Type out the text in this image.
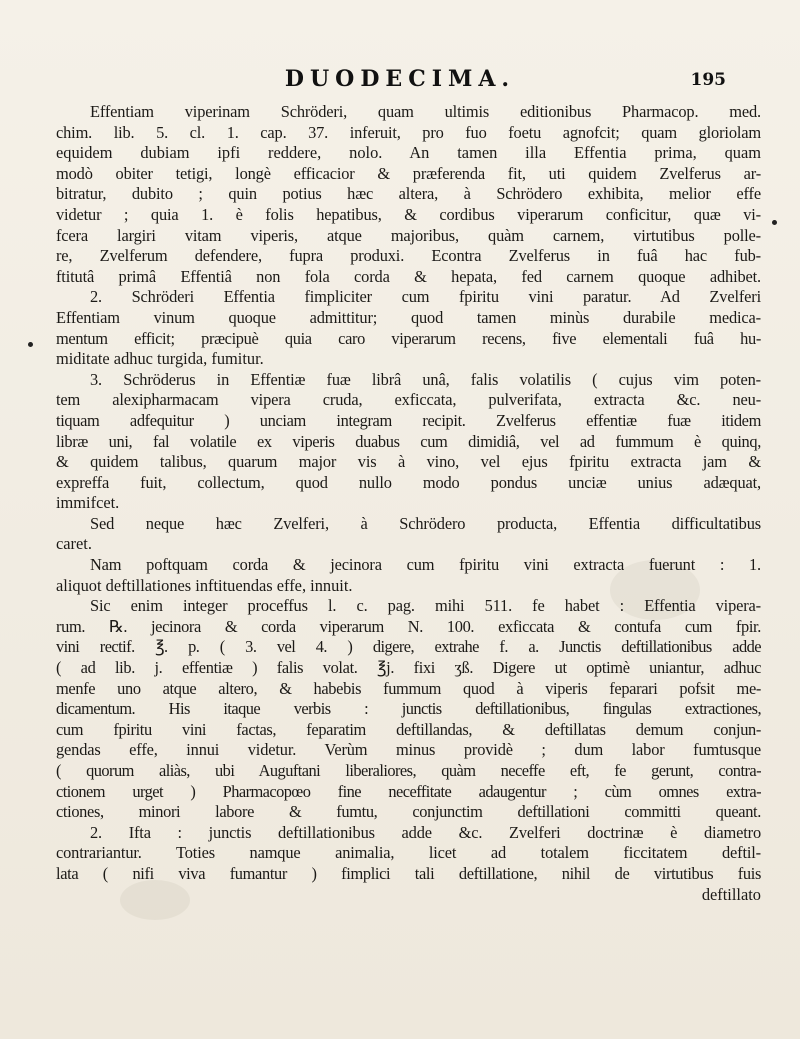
DUODECIMA.	195
Effentiam viperinam Schröderi, quam ultimis editionibus Pharmacop. med.
chim. lib. 5. cl. 1. cap. 37. inferuit, pro fuo foetu agnofcit; quam gloriolam
equidem dubiam ipfi reddere, nolo. An tamen illa Effentia prima, quam
modò obiter tetigi, longè efficacior & præferenda fit, uti quidem Zvelferus ar-
bitratur, dubito ; quin potius hæc altera, à Schrödero exhibita, melior effe
videtur ; quia 1. è folis hepatibus, & cordibus viperarum conficitur, quæ vi-
fcera largiri vitam viperis, atque majoribus, quàm carnem, virtutibus polle-
re, Zvelferum defendere, fupra produxi. Econtra Zvelferus in fuâ hac fub-
ftitutâ primâ Effentiâ non fola corda & hepata, fed carnem quoque adhibet.
2. Schröderi Effentia fimpliciter cum fpiritu vini paratur. Ad Zvelferi
Effentiam vinum quoque admittitur; quod tamen minùs durabile medica-
mentum efficit; præcipuè quia caro viperarum recens, five elementali fuâ hu-
miditate adhuc turgida, fumitur.
3. Schröderus in Effentiæ fuæ librâ unâ, falis volatilis ( cujus vim poten-
tem alexipharmacam vipera cruda, exficcata, pulverifata, extracta &c. neu-
tiquam adfequitur ) unciam integram recipit. Zvelferus effentiæ fuæ itidem
libræ uni, fal volatile ex viperis duabus cum dimidiâ, vel ad fummum è quinq,
& quidem talibus, quarum major vis à vino, vel ejus fpiritu extracta jam &
expreffa fuit, collectum, quod nullo modo pondus unciæ unius adæquat,
immifcet.
Sed neque hæc Zvelferi, à Schrödero producta, Effentia difficultatibus
caret.
Nam poftquam corda & jecinora cum fpiritu vini extracta fuerunt : 1.
aliquot deftillationes inftituendas effe, innuit.
Sic enim integer proceffus l. c. pag. mihi 511. fe habet : Effentia vipera-
rum. ℞. jecinora & corda viperarum N. 100. exficcata & contufa cum fpir.
vini rectif. ℥. p. ( 3. vel 4. ) digere, extrahe f. a. Junctis deftillationibus adde
( ad lib. j. effentiæ ) falis volat. ℥j. fixi ʒß. Digere ut optimè uniantur, adhuc
menfe uno atque altero, & habebis fummum quod à viperis feparari pofsit me-
dicamentum. His itaque verbis : junctis deftillationibus, fingulas extractiones,
cum fpiritu vini factas, feparatim deftillandas, & deftillatas demum conjun-
gendas effe, innui videtur. Verùm minus providè ; dum labor fumtusque
( quorum aliàs, ubi Auguftani liberaliores, quàm neceffe eft, fe gerunt, contra-
ctionem urget ) Pharmacopœo fine neceffitate adaugentur ; cùm omnes extra-
ctiones, minori labore & fumtu, conjunctim deftillationi committi queant.
2. Ifta : junctis deftillationibus adde &c. Zvelferi doctrinæ è diametro
contrariantur. Toties namque animalia, licet ad totalem ficcitatem deftil-
lata ( nifi viva fumantur ) fimplici tali deftillatione, nihil de virtutibus fuis
deftillato
